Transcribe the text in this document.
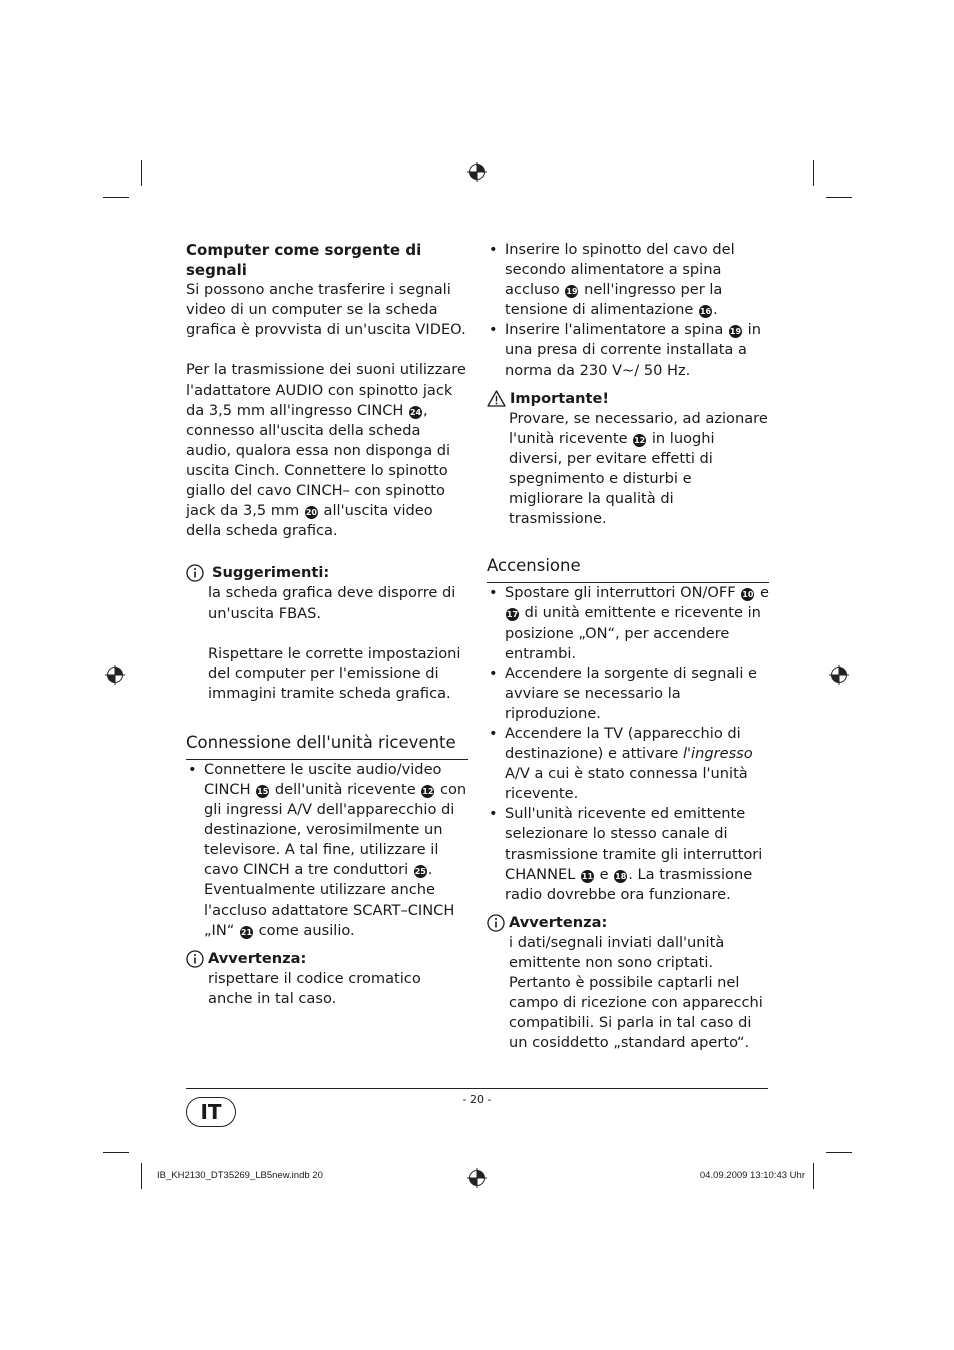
Computer come sorgente di segnali

Si possono anche trasferire i segnali video di un computer se la scheda grafica è provvista di un'uscita VIDEO.

Per la trasmissione dei suoni utilizzare l'adattatore AUDIO con spinotto jack da 3,5 mm all'ingresso CINCH 24 , connesso all'uscita della scheda audio, qualora essa non disponga di uscita Cinch. Connettere lo spinotto giallo del cavo CINCH– con spinotto jack da 3,5 mm 20 all'uscita video della scheda grafica.

Suggerimenti:

la scheda grafica deve disporre di un'uscita FBAS.

Rispettare le corrette impostazioni del computer per l'emissione di immagini tramite scheda grafica.

Connessione dell'unità ricevente

• Connettere le uscite audio/video CINCH 15 dell'unità ricevente 12 con gli ingressi A/V dell'apparecchio di destinazione, verosimilmente un televisore. A tal fine, utilizzare il cavo CINCH a tre conduttori 25 . Eventualmente utilizzare anche l'accluso adattatore SCART–CINCH „IN“ 21 come ausilio.
Avvertenza:

rispettare il codice cromatico anche in tal caso.

• Inserire lo spinotto del cavo del secondo alimentatore a spina accluso 19 nell'ingresso per la tensione di alimentazione 16 .
• Inserire l'alimentatore a spina 19 in una presa di corrente installata a norma da 230 V~/ 50 Hz.
Importante!

Provare, se necessario, ad azionare l'unità ricevente 12 in luoghi diversi, per evitare effetti di spegnimento e disturbi e migliorare la qualità di trasmissione.

Accensione

• Spostare gli interruttori ON/OFF 10 e 17 di unità emittente e ricevente in posizione „ON“, per accendere entrambi.
• Accendere la sorgente di segnali e avviare se necessario la riproduzione.
• Accendere la TV (apparecchio di destinazione) e attivare l'ingresso A/V a cui è stato connessa l'unità ricevente.
• Sull'unità ricevente ed emittente selezionare lo stesso canale di trasmissione tramite gli interruttori CHANNEL 11 e 18 . La trasmissione radio dovrebbe ora funzionare.
Avvertenza:

i dati/segnali inviati dall'unità emittente non sono criptati. Pertanto è possibile captarli nel campo di ricezione con apparecchi compatibili. Si parla in tal caso di un cosiddetto „standard aperto“.

- 20 -
IT
IB_KH2130_DT35269_LB5new.indb 20	04.09.2009 13:10:43 Uhr
